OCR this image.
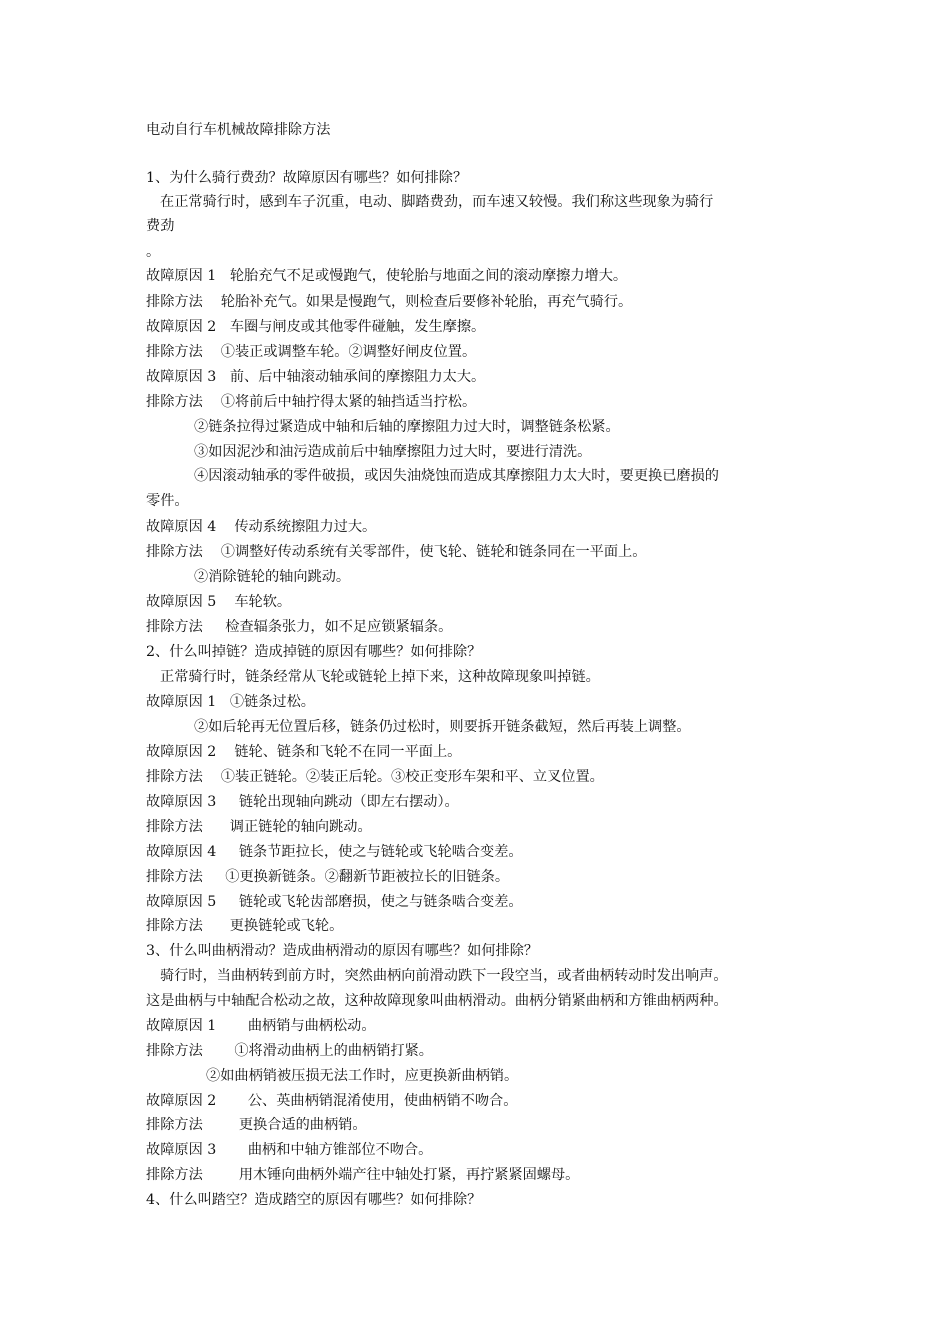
电动自行车机械故障排除方法

1、为什么骑行费劲？故障原因有哪些？如何排除？

在正常骑行时，感到车子沉重，电动、脚踏费劲，而车速又较慢。我们称这些现象为骑行

费劲

。

故障原因 1   轮胎充气不足或慢跑气，使轮胎与地面之间的滚动摩擦力增大。

排除方法    轮胎补充气。如果是慢跑气，则检查后要修补轮胎，再充气骑行。

故障原因 2   车圈与闸皮或其他零件碰触，发生摩擦。

排除方法    ①装正或调整车轮。②调整好闸皮位置。

故障原因 3   前、后中轴滚动轴承间的摩擦阻力太大。

排除方法    ①将前后中轴拧得太紧的轴挡适当拧松。

②链条拉得过紧造成中轴和后轴的摩擦阻力过大时，调整链条松紧。

③如因泥沙和油污造成前后中轴摩擦阻力过大时，要进行清洗。

④因滚动轴承的零件破损，或因失油烧蚀而造成其摩擦阻力太大时，要更换已磨损的

零件。

故障原因 4    传动系统擦阻力过大。

排除方法    ①调整好传动系统有关零部件，使飞轮、链轮和链条同在一平面上。

②消除链轮的轴向跳动。

故障原因 5    车轮软。

排除方法     检查辐条张力，如不足应锁紧辐条。

2、什么叫掉链？造成掉链的原因有哪些？如何排除？

正常骑行时，链条经常从飞轮或链轮上掉下来，这种故障现象叫掉链。

故障原因 1   ①链条过松。

②如后轮再无位置后移，链条仍过松时，则要拆开链条截短，然后再装上调整。

故障原因 2    链轮、链条和飞轮不在同一平面上。

排除方法    ①装正链轮。②装正后轮。③校正变形车架和平、立叉位置。

故障原因 3     链轮出现轴向跳动（即左右摆动）。

排除方法      调正链轮的轴向跳动。

故障原因 4     链条节距拉长，使之与链轮或飞轮啮合变差。

排除方法     ①更换新链条。②翻新节距被拉长的旧链条。

故障原因 5     链轮或飞轮齿部磨损，使之与链条啮合变差。

排除方法      更换链轮或飞轮。

3、什么叫曲柄滑动？造成曲柄滑动的原因有哪些？如何排除？

骑行时，当曲柄转到前方时，突然曲柄向前滑动跌下一段空当，或者曲柄转动时发出响声。

这是曲柄与中轴配合松动之故，这种故障现象叫曲柄滑动。曲柄分销紧曲柄和方锥曲柄两种。

故障原因 1       曲柄销与曲柄松动。

排除方法       ①将滑动曲柄上的曲柄销打紧。

②如曲柄销被压损无法工作时，应更换新曲柄销。

故障原因 2       公、英曲柄销混淆使用，使曲柄销不吻合。

排除方法        更换合适的曲柄销。

故障原因 3       曲柄和中轴方锥部位不吻合。

排除方法        用木锤向曲柄外端产往中轴处打紧，再拧紧紧固螺母。

4、什么叫踏空？造成踏空的原因有哪些？如何排除？
